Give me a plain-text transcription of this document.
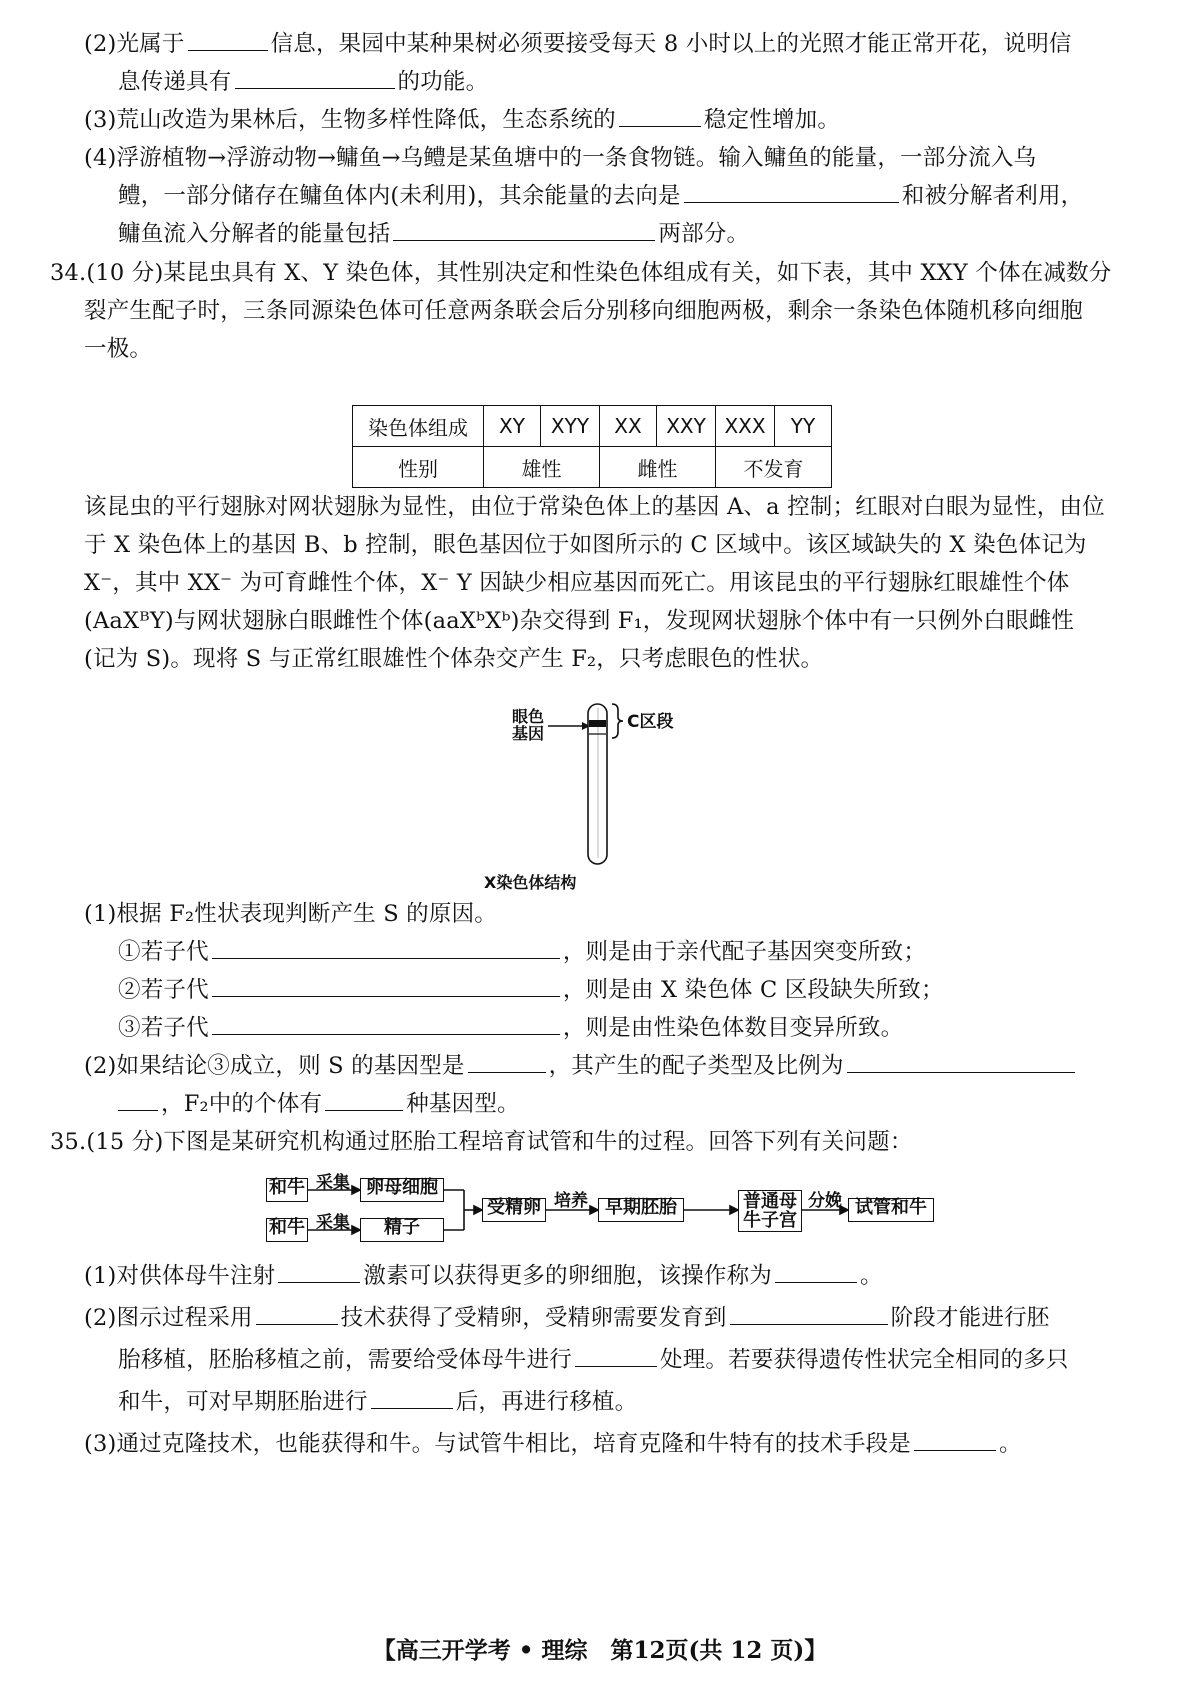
(2)光属于	信息，果园中某种果树必须要接受每天 8 小时以上的光照才能正常开花，说明信
息传递具有	的功能。
(3)荒山改造为果林后，生物多样性降低，生态系统的	稳定性增加。
(4)浮游植物→浮游动物→鳙鱼→乌鳢是某鱼塘中的一条食物链。输入鳙鱼的能量，一部分流入乌
鳢，一部分储存在鳙鱼体内(未利用)，其余能量的去向是	和被分解者利用，
鳙鱼流入分解者的能量包括	两部分。
34.(10 分)某昆虫具有 X、Y 染色体，其性别决定和性染色体组成有关，如下表，其中 XXY 个体在减数分
裂产生配子时，三条同源染色体可任意两条联会后分别移向细胞两极，剩余一条染色体随机移向细胞
一极。
染色体组成	XY	XYY	XX	XXY	XXX	YY
性别	雄性		雌性		不发育	
该昆虫的平行翅脉对网状翅脉为显性，由位于常染色体上的基因 A、a 控制；红眼对白眼为显性，由位
于 X 染色体上的基因 B、b 控制，眼色基因位于如图所示的 C 区域中。该区域缺失的 X 染色体记为
X⁻，其中 XX⁻ 为可育雌性个体，X⁻ Y 因缺少相应基因而死亡。用该昆虫的平行翅脉红眼雄性个体
(AaXᴮY)与网状翅脉白眼雌性个体(aaXᵇXᵇ)杂交得到 F₁，发现网状翅脉个体中有一只例外白眼雌性
(记为 S)。现将 S 与正常红眼雄性个体杂交产生 F₂，只考虑眼色的性状。
眼色
基因
C区段
X染色体结构
(1)根据 F₂性状表现判断产生 S 的原因。
①若子代	，则是由于亲代配子基因突变所致；
②若子代	，则是由 X 染色体 C 区段缺失所致；
③若子代	，则是由性染色体数目变异所致。
(2)如果结论③成立，则 S 的基因型是	，其产生的配子类型及比例为
，F₂中的个体有	种基因型。
35.(15 分)下图是某研究机构通过胚胎工程培育试管和牛的过程。回答下列有关问题：
和牛
和牛
采集
采集
卵母细胞
精子
受精卵 培养 早期胚胎	普通母
牛子宫
分娩 试管和牛
(1)对供体母牛注射	激素可以获得更多的卵细胞，该操作称为	。
(2)图示过程采用	技术获得了受精卵，受精卵需要发育到	阶段才能进行胚
胎移植，胚胎移植之前，需要给受体母牛进行	处理。若要获得遗传性状完全相同的多只
和牛，可对早期胚胎进行	后，再进行移植。
(3)通过克隆技术，也能获得和牛。与试管牛相比，培育克隆和牛特有的技术手段是	。
【高三开学考 • 理综　第12页(共 12 页)】
